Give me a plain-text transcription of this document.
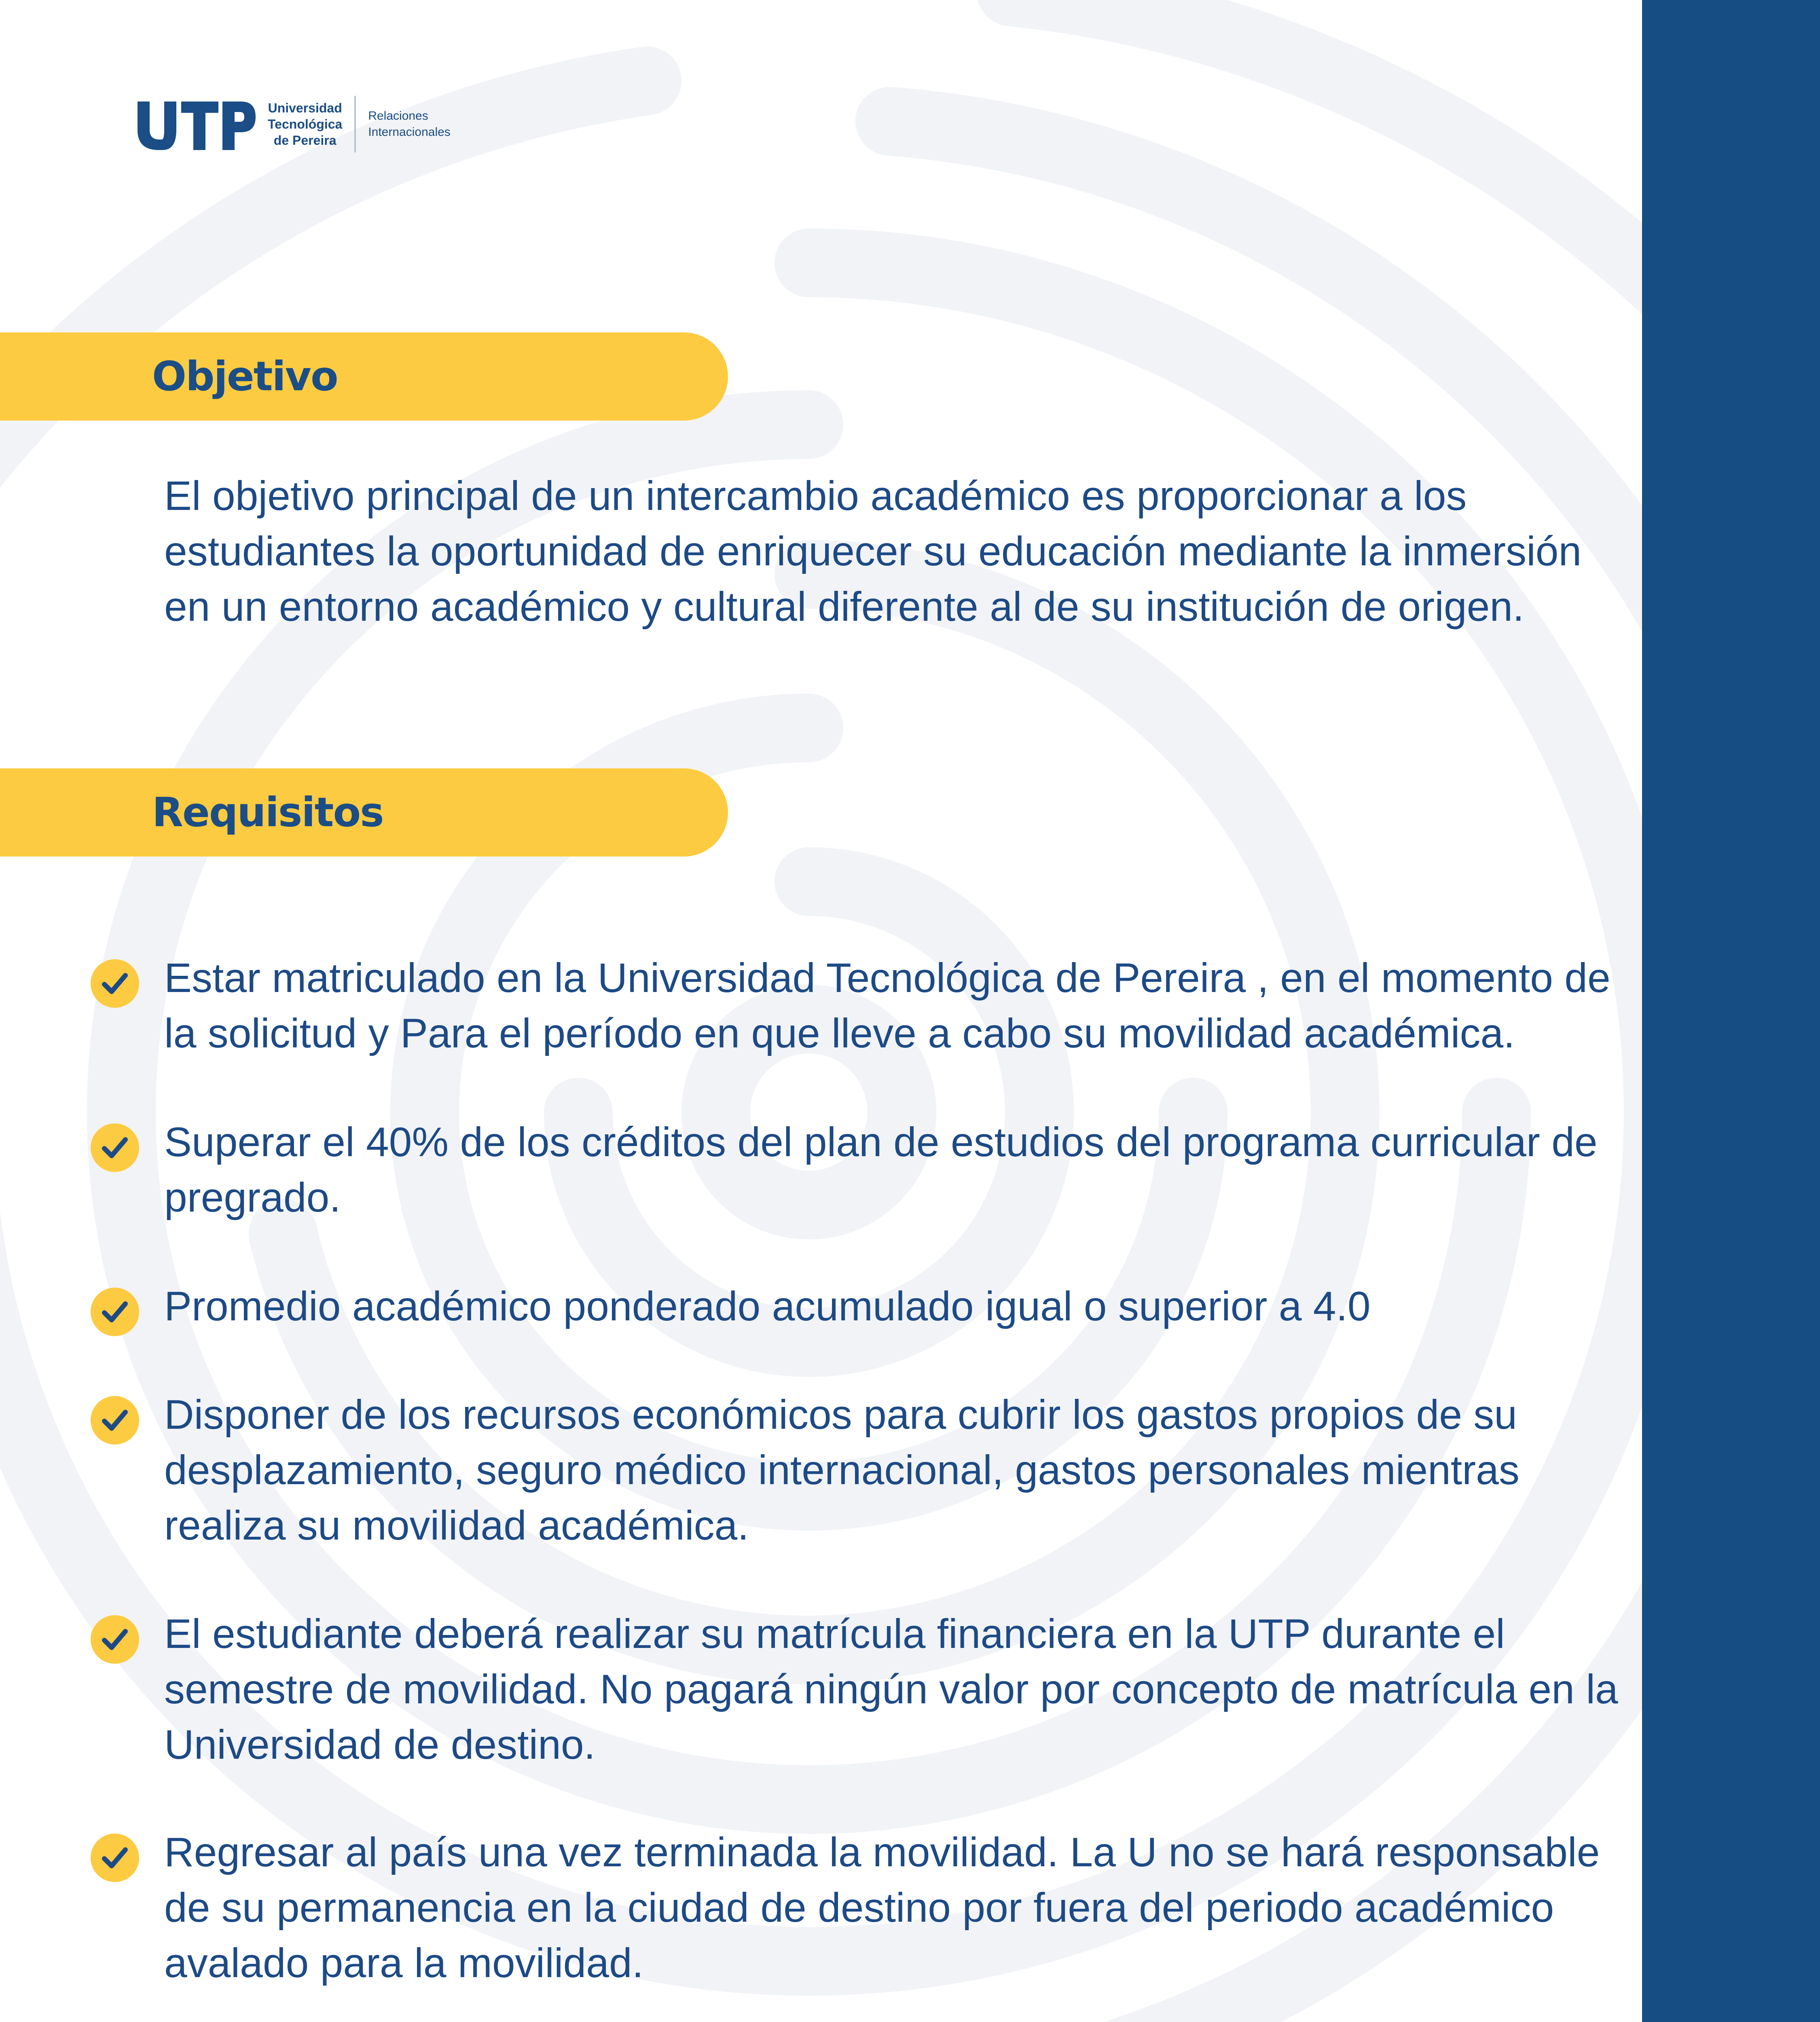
Universidad
Tecnológica
de Pereira
Relaciones
Internacionales
Objetivo

El objetivo principal de un intercambio académico es proporcionar a los estudiantes la oportunidad de enriquecer su educación mediante la inmersión en un entorno académico y cultural diferente al de su institución de origen.

Requisitos

Estar matriculado en la Universidad Tecnológica de Pereira , en el momento de la solicitud y Para el período en que lleve a cabo su movilidad académica.

Superar el 40% de los créditos del plan de estudios del programa curricular de pregrado.

Promedio académico ponderado acumulado igual o superior a 4.0

Disponer de los recursos económicos para cubrir los gastos propios de su desplazamiento, seguro médico internacional, gastos personales mientras realiza su movilidad académica.

El estudiante deberá realizar su matrícula financiera en la UTP durante el semestre de movilidad. No pagará ningún valor por concepto de matrícula en la Universidad de destino.

Regresar al país una vez terminada la movilidad. La U no se hará responsable de su permanencia en la ciudad de destino por fuera del periodo académico avalado para la movilidad.
